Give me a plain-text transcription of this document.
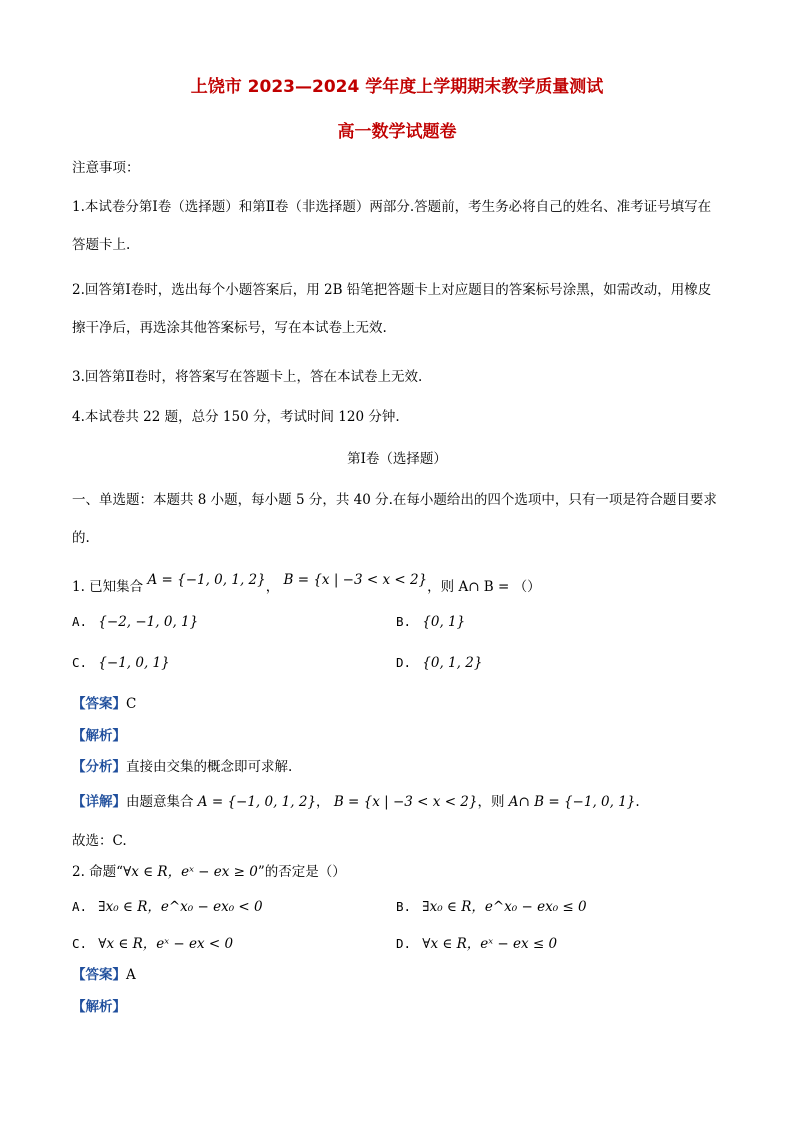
上饶市 2023—2024 学年度上学期期末教学质量测试
高一数学试题卷
注意事项：
1.本试卷分第Ⅰ卷（选择题）和第Ⅱ卷（非选择题）两部分.答题前，考生务必将自己的姓名、准考证号填写在答题卡上.
2.回答第Ⅰ卷时，选出每个小题答案后，用 2B 铅笔把答题卡上对应题目的答案标号涂黑，如需改动，用橡皮擦干净后，再选涂其他答案标号，写在本试卷上无效.
3.回答第Ⅱ卷时，将答案写在答题卡上，答在本试卷上无效.
4.本试卷共 22 题，总分 150 分，考试时间 120 分钟.
第Ⅰ卷（选择题）
一、单选题：本题共 8 小题，每小题 5 分，共 40 分.在每小题给出的四个选项中，只有一项是符合题目要求的.
1. 已知集合 A = {−1, 0, 1, 2}， B = {x | −3 < x < 2}，则 A∩ B = （）
A. {−2, −1, 0, 1}	B. {0, 1}
C. {−1, 0, 1}	D. {0, 1, 2}
【答案】C
【解析】
【分析】直接由交集的概念即可求解.
【详解】由题意集合 A = {−1, 0, 1, 2}， B = {x | −3 < x < 2}，则 A∩ B = {−1, 0, 1}.
故选：C.
2. 命题“∀x ∈ R，eˣ − ex ≥ 0”的否定是（）
A. ∃x₀ ∈ R，e^x₀ − ex₀ < 0	B. ∃x₀ ∈ R，e^x₀ − ex₀ ≤ 0
C. ∀x ∈ R，eˣ − ex < 0	D. ∀x ∈ R，eˣ − ex ≤ 0
【答案】A
【解析】
